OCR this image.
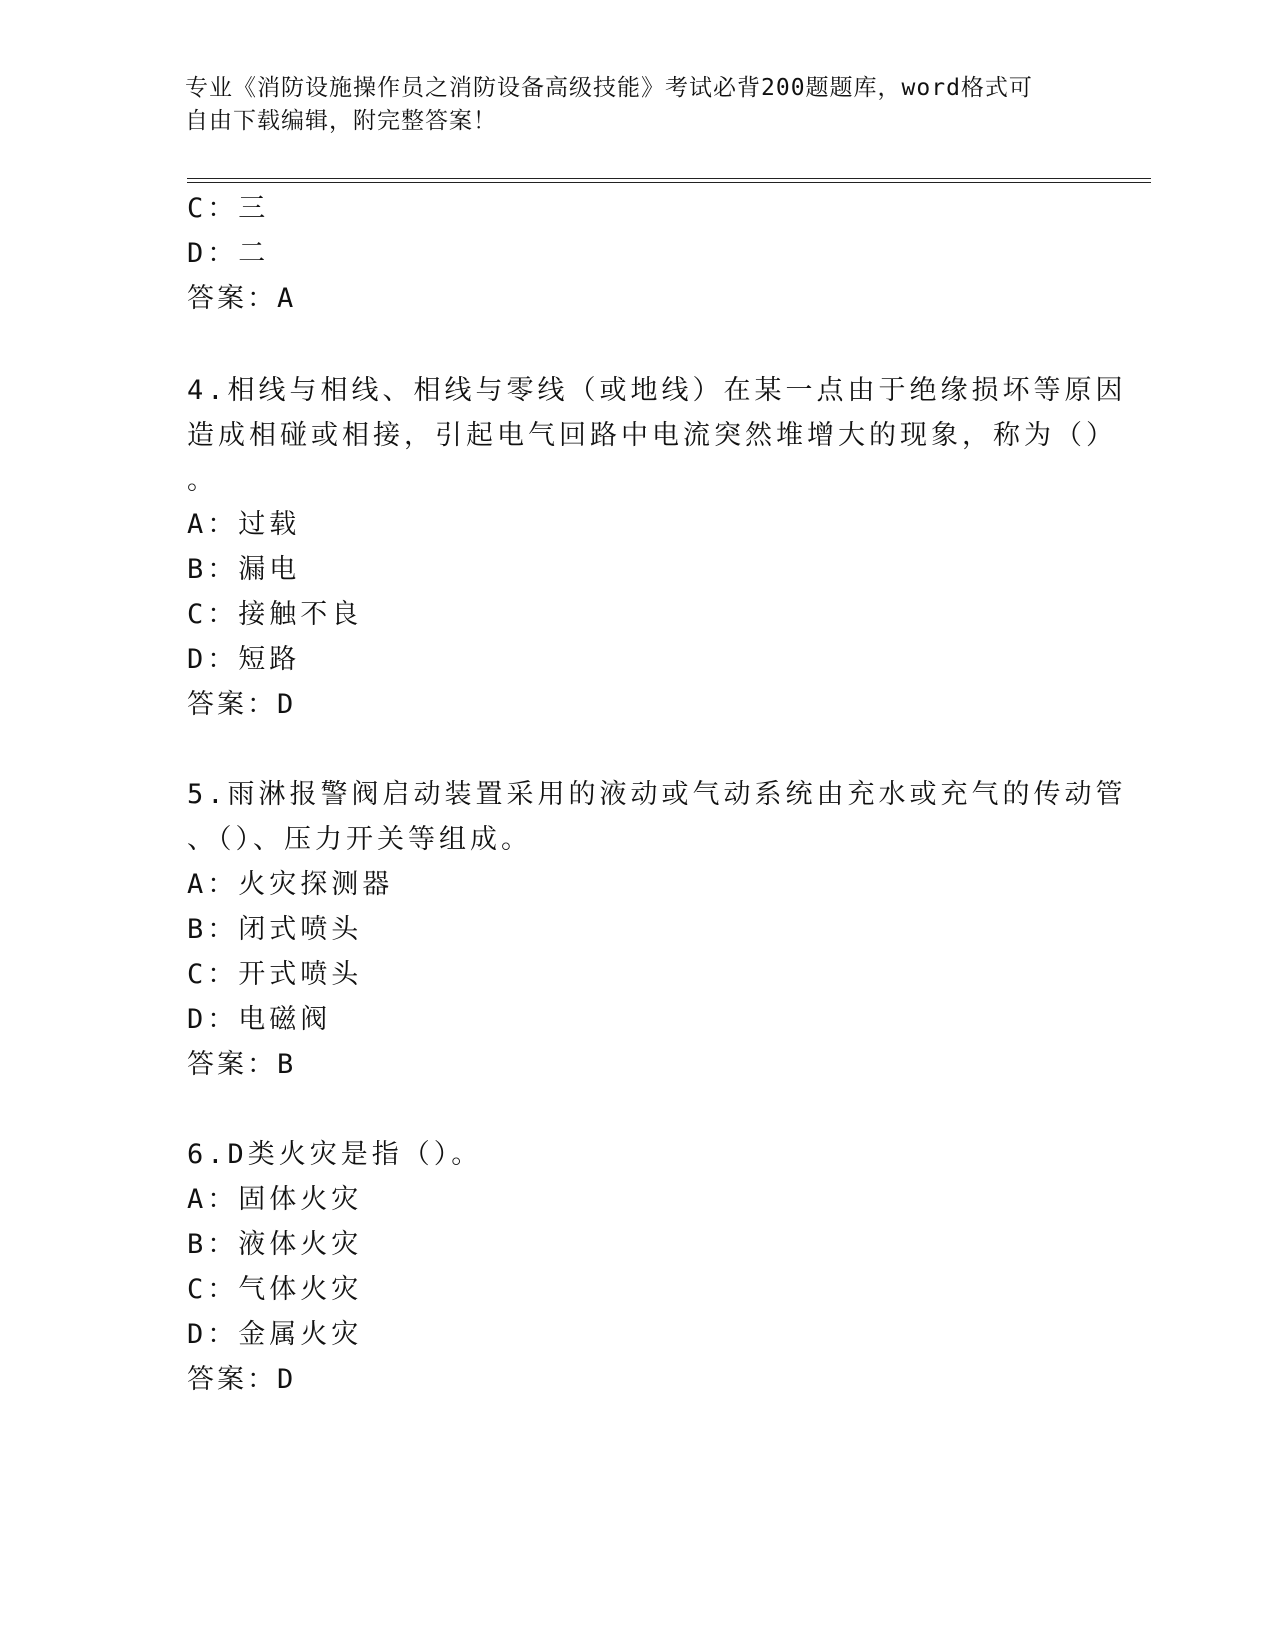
专业《消防设施操作员之消防设备高级技能》考试必背200题题库，word格式可

自由下载编辑，附完整答案！

C：三
D：二
答案：A
4.相线与相线、相线与零线（或地线）在某一点由于绝缘损坏等原因
造成相碰或相接，引起电气回路中电流突然堆增大的现象，称为（）
。
A：过载
B：漏电
C：接触不良
D：短路
答案：D
5.雨淋报警阀启动装置采用的液动或气动系统由充水或充气的传动管
、（）、压力开关等组成。
A：火灾探测器
B：闭式喷头
C：开式喷头
D：电磁阀
答案：B
6.D类火灾是指（）。
A：固体火灾
B：液体火灾
C：气体火灾
D：金属火灾
答案：D
